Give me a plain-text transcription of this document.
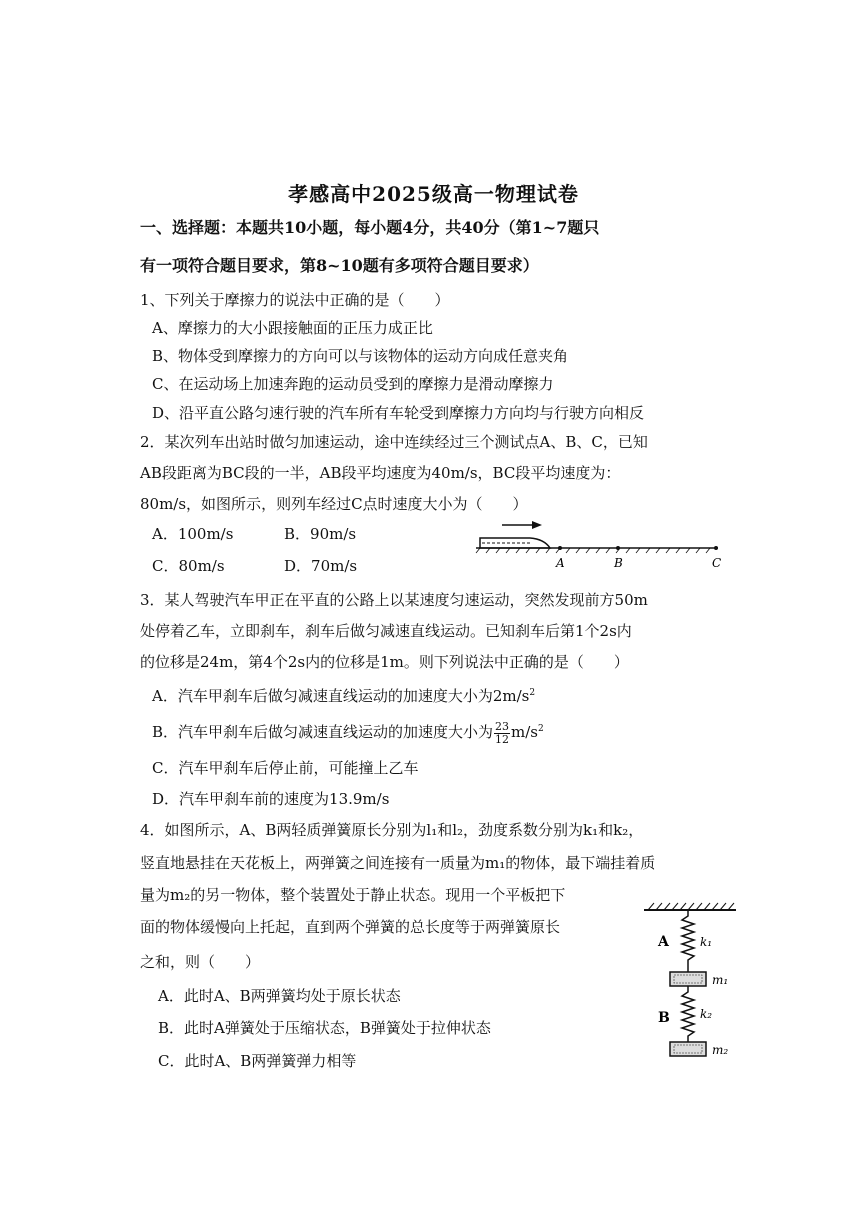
孝感高中2025级高一物理试卷
一、选择题：本题共10小题，每小题4分，共40分（第1~7题只
有一项符合题目要求，第8~10题有多项符合题目要求）
1、下列关于摩擦力的说法中正确的是（　　）
A、摩擦力的大小跟接触面的正压力成正比
B、物体受到摩擦力的方向可以与该物体的运动方向成任意夹角
C、在运动场上加速奔跑的运动员受到的摩擦力是滑动摩擦力
D、沿平直公路匀速行驶的汽车所有车轮受到摩擦力方向均与行驶方向相反
2．某次列车出站时做匀加速运动，途中连续经过三个测试点A、B、C，已知
AB段距离为BC段的一半，AB段平均速度为40m/s，BC段平均速度为：
80m/s，如图所示，则列车经过C点时速度大小为（　　）
A．100m/s	B．90m/s
C．80m/s	D．70m/s	A	B	C
3．某人驾驶汽车甲正在平直的公路上以某速度匀速运动，突然发现前方50m
处停着乙车，立即刹车，刹车后做匀减速直线运动。已知刹车后第1个2s内
的位移是24m，第4个2s内的位移是1m。则下列说法中正确的是（　　）
A．汽车甲刹车后做匀减速直线运动的加速度大小为$2m/s^2$
B．汽车甲刹车后做匀减速直线运动的加速度大小为 $\frac{23}{12} m/s^2$
C．汽车甲刹车后停止前，可能撞上乙车
D．汽车甲刹车前的速度为13.9m/s
4．如图所示，A、B两轻质弹簧原长分别为l₁和l₂，劲度系数分别为k₁和k₂，
竖直地悬挂在天花板上，两弹簧之间连接有一质量为m₁的物体，最下端挂着质
量为m₂的另一物体，整个装置处于静止状态。现用一个平板把下
面的物体缓慢向上托起，直到两个弹簧的总长度等于两弹簧原长
之和，则（　　）
A．此时A、B两弹簧均处于原长状态
B．此时A弹簧处于压缩状态，B弹簧处于拉伸状态
C．此时A、B两弹簧弹力相等
A	k₁
m₁
B	k₂
m₂
